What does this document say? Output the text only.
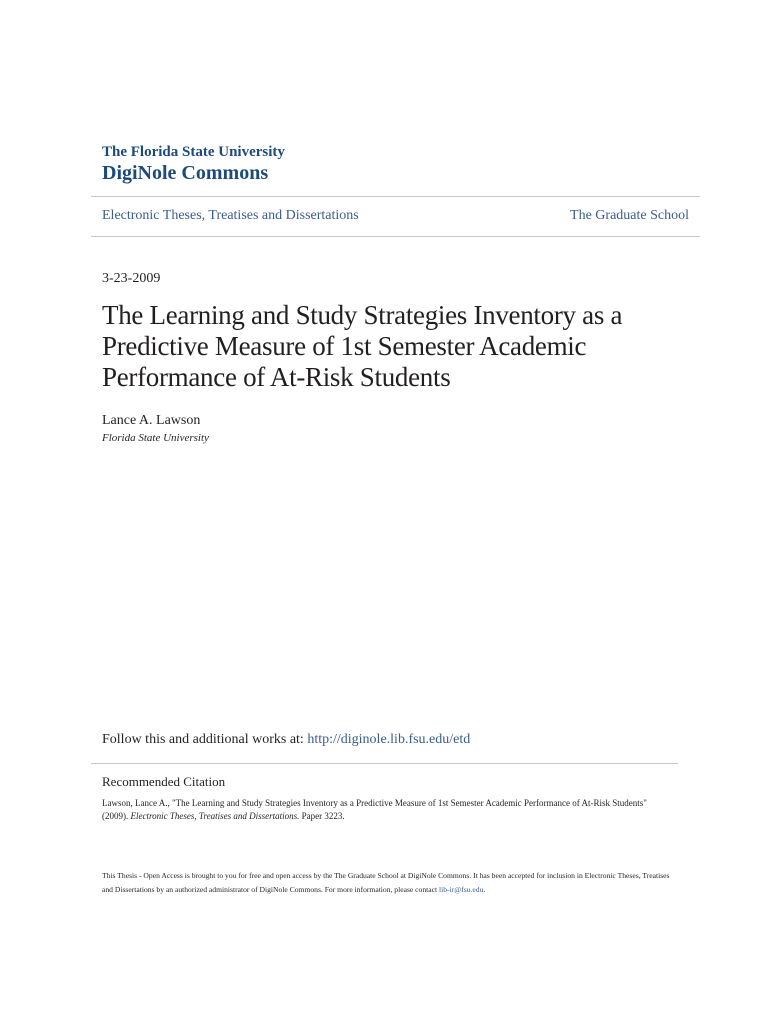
The Florida State University
DigiNole Commons
Electronic Theses, Treatises and Dissertations	The Graduate School
3-23-2009
The Learning and Study Strategies Inventory as a Predictive Measure of 1st Semester Academic Performance of At-Risk Students
Lance A. Lawson
Florida State University
Follow this and additional works at: http://diginole.lib.fsu.edu/etd
Recommended Citation
Lawson, Lance A., "The Learning and Study Strategies Inventory as a Predictive Measure of 1st Semester Academic Performance of At-Risk Students" (2009). Electronic Theses, Treatises and Dissertations. Paper 3223.
This Thesis - Open Access is brought to you for free and open access by the The Graduate School at DigiNole Commons. It has been accepted for inclusion in Electronic Theses, Treatises and Dissertations by an authorized administrator of DigiNole Commons. For more information, please contact lib-ir@fsu.edu.
